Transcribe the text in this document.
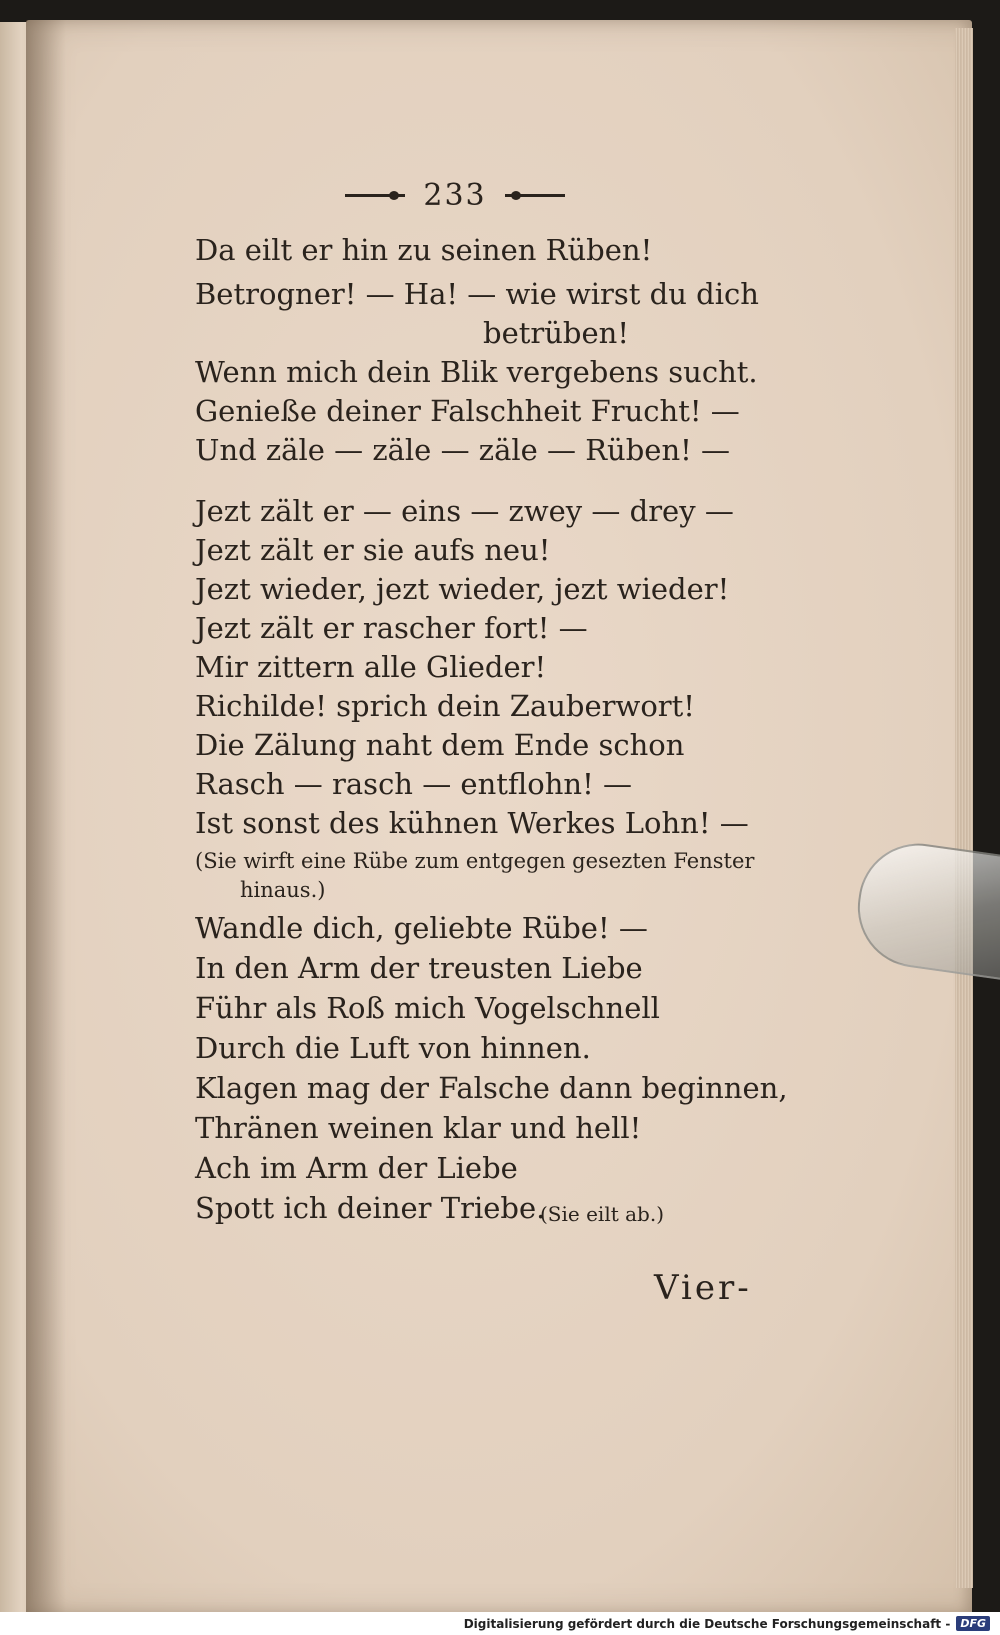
233
Da eilt er hin zu seinen Rüben!
Betrogner! — Ha! — wie wirst du dich
betrüben!
Wenn mich dein Blik vergebens sucht.
Genieße deiner Falschheit Frucht! —
Und zäle — zäle — zäle — Rüben! —
Jezt zält er — eins — zwey — drey —
Jezt zält er sie aufs neu!
Jezt wieder, jezt wieder, jezt wieder!
Jezt zält er rascher fort! —
Mir zittern alle Glieder!
Richilde! sprich dein Zauberwort!
Die Zälung naht dem Ende schon
Rasch — rasch — entflohn! —
Ist sonst des kühnen Werkes Lohn! —
(Sie wirft eine Rübe zum entgegen gesezten Fenster
hinaus.)
Wandle dich, geliebte Rübe! —
In den Arm der treusten Liebe
Führ als Roß mich Vogelschnell
Durch die Luft von hinnen.
Klagen mag der Falsche dann beginnen,
Thränen weinen klar und hell!
Ach im Arm der Liebe
Spott ich deiner Triebe.
(Sie eilt ab.)
Vier-
Digitalisierung gefördert durch die Deutsche Forschungsgemeinschaft - DFG
